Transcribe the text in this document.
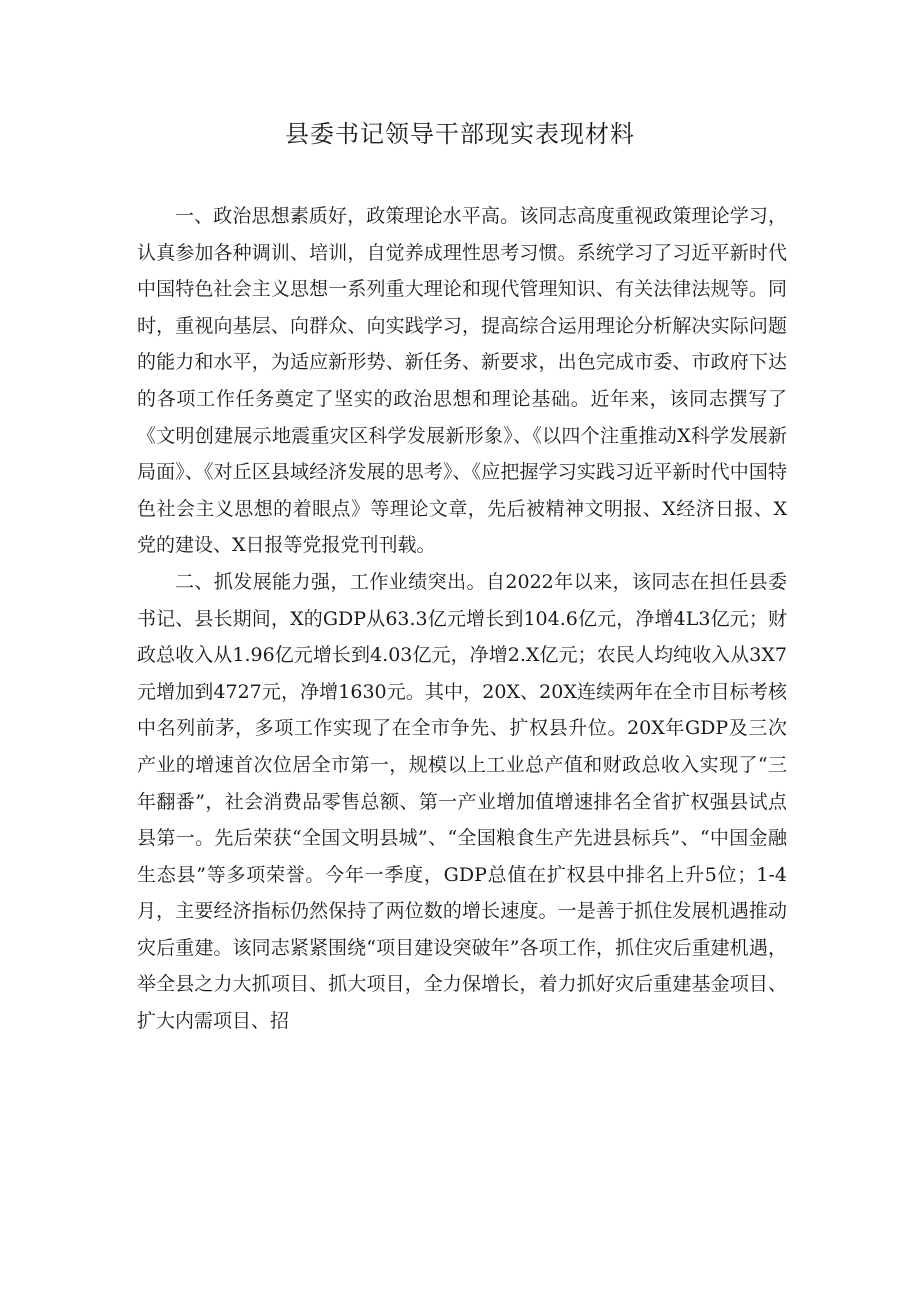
县委书记领导干部现实表现材料

一、政治思想素质好，政策理论水平高。该同志高度重视政策理论学习，认真参加各种调训、培训，自觉养成理性思考习惯。系统学习了习近平新时代中国特色社会主义思想一系列重大理论和现代管理知识、有关法律法规等。同时，重视向基层、向群众、向实践学习，提高综合运用理论分析解决实际问题的能力和水平，为适应新形势、新任务、新要求，出色完成市委、市政府下达的各项工作任务奠定了坚实的政治思想和理论基础。近年来，该同志撰写了《文明创建展示地震重灾区科学发展新形象》、《以四个注重推动X科学发展新局面》、《对丘区县域经济发展的思考》、《应把握学习实践习近平新时代中国特色社会主义思想的着眼点》等理论文章，先后被精神文明报、X经济日报、X党的建设、X日报等党报党刊刊载。

二、抓发展能力强，工作业绩突出。自2022年以来，该同志在担任县委书记、县长期间，X的GDP从63.3亿元增长到104.6亿元，净增4L3亿元；财政总收入从1.96亿元增长到4.03亿元，净增2.X亿元；农民人均纯收入从3X7元增加到4727元，净增1630元。其中，20X、20X连续两年在全市目标考核中名列前茅，多项工作实现了在全市争先、扩权县升位。20X年GDP及三次产业的增速首次位居全市第一，规模以上工业总产值和财政总收入实现了“三年翻番”，社会消费品零售总额、第一产业增加值增速排名全省扩权强县试点县第一。先后荣获“全国文明县城”、“全国粮食生产先进县标兵”、“中国金融生态县”等多项荣誉。今年一季度，GDP总值在扩权县中排名上升5位；1-4月，主要经济指标仍然保持了两位数的增长速度。一是善于抓住发展机遇推动灾后重建。该同志紧紧围绕“项目建设突破年”各项工作，抓住灾后重建机遇，举全县之力大抓项目、抓大项目，全力保增长，着力抓好灾后重建基金项目、扩大内需项目、招
